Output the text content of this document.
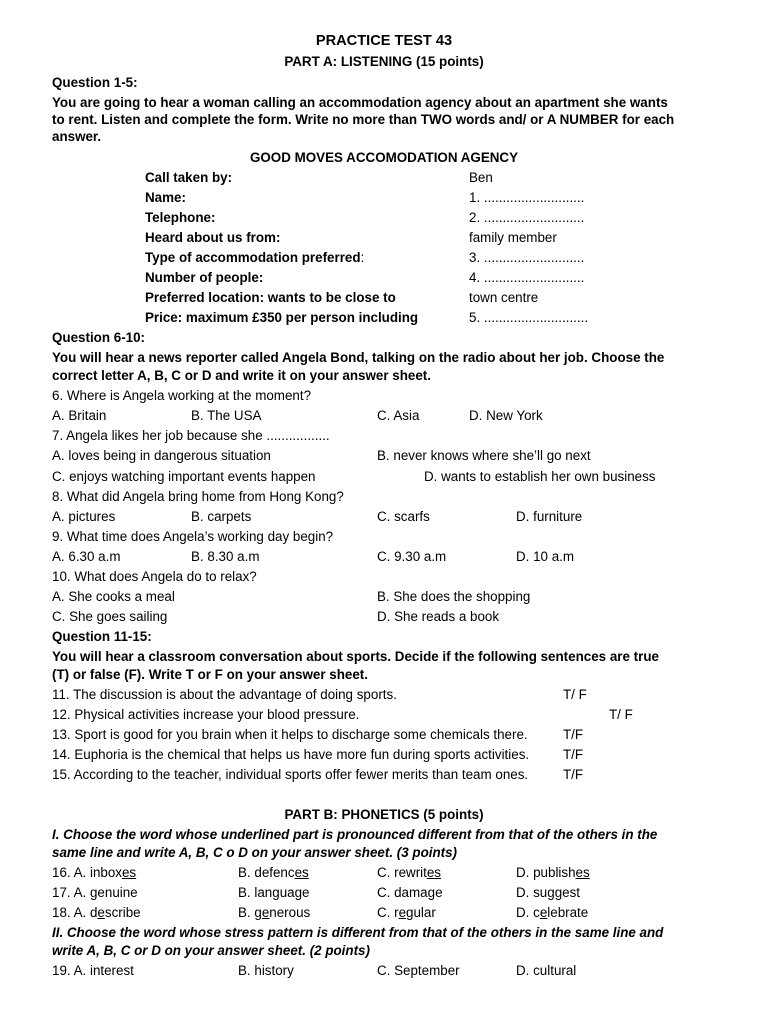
PRACTICE TEST 43
PART A: LISTENING (15 points)
Question 1-5:
You are going to hear a woman calling an accommodation agency about an apartment she wants
to rent. Listen and complete the form. Write no more than TWO words and/ or A NUMBER for each
answer.
GOOD MOVES ACCOMODATION AGENCY
Call taken by:	Ben
Name:	1. ...........................
Telephone:	2. ...........................
Heard about us from:	family member
Type of accommodation preferred:	3. ...........................
Number of people:	4. ...........................
Preferred location: wants to be close to	town centre
Price: maximum £350 per person including	5. ............................
Question 6-10:
You will hear a news reporter called Angela Bond, talking on the radio about her job. Choose the
correct letter A, B, C or D and write it on your answer sheet.
6. Where is Angela working at the moment?
A. Britain	B. The USA	C. Asia	D. New York
7. Angela likes her job because she .................
A. loves being in dangerous situation	B. never knows where she’ll go next
C. enjoys watching important events happen	D. wants to establish her own business
8. What did Angela bring home from Hong Kong?
A. pictures	B. carpets	C. scarfs	D. furniture
9. What time does Angela’s working day begin?
A. 6.30 a.m	B. 8.30 a.m	C. 9.30 a.m	D. 10 a.m
10. What does Angela do to relax?
A. She cooks a meal	B. She does the shopping
C. She goes sailing	D. She reads a book
Question 11-15:
You will hear a classroom conversation about sports. Decide if the following sentences are true
(T) or false (F). Write T or F on your answer sheet.
11. The discussion is about the advantage of doing sports.	T/ F
12. Physical activities increase your blood pressure.	T/ F
13. Sport is good for you brain when it helps to discharge some chemicals there.	T/F
14. Euphoria is the chemical that helps us have more fun during sports activities.	T/F
15. According to the teacher, individual sports offer fewer merits than team ones.	T/F
PART B: PHONETICS (5 points)
I. Choose the word whose underlined part is pronounced different from that of the others in the
same line and write A, B, C o D on your answer sheet. (3 points)
16. A. inboxes	B. defences	C. rewrites	D. publishes
17. A. genuine	B. language	C. damage	D. suggest
18. A. describe	B. generous	C. regular	D. celebrate
II. Choose the word whose stress pattern is different from that of the others in the same line and
write A, B, C or D on your answer sheet. (2 points)
19. A. interest	B. history	C. September	D. cultural
